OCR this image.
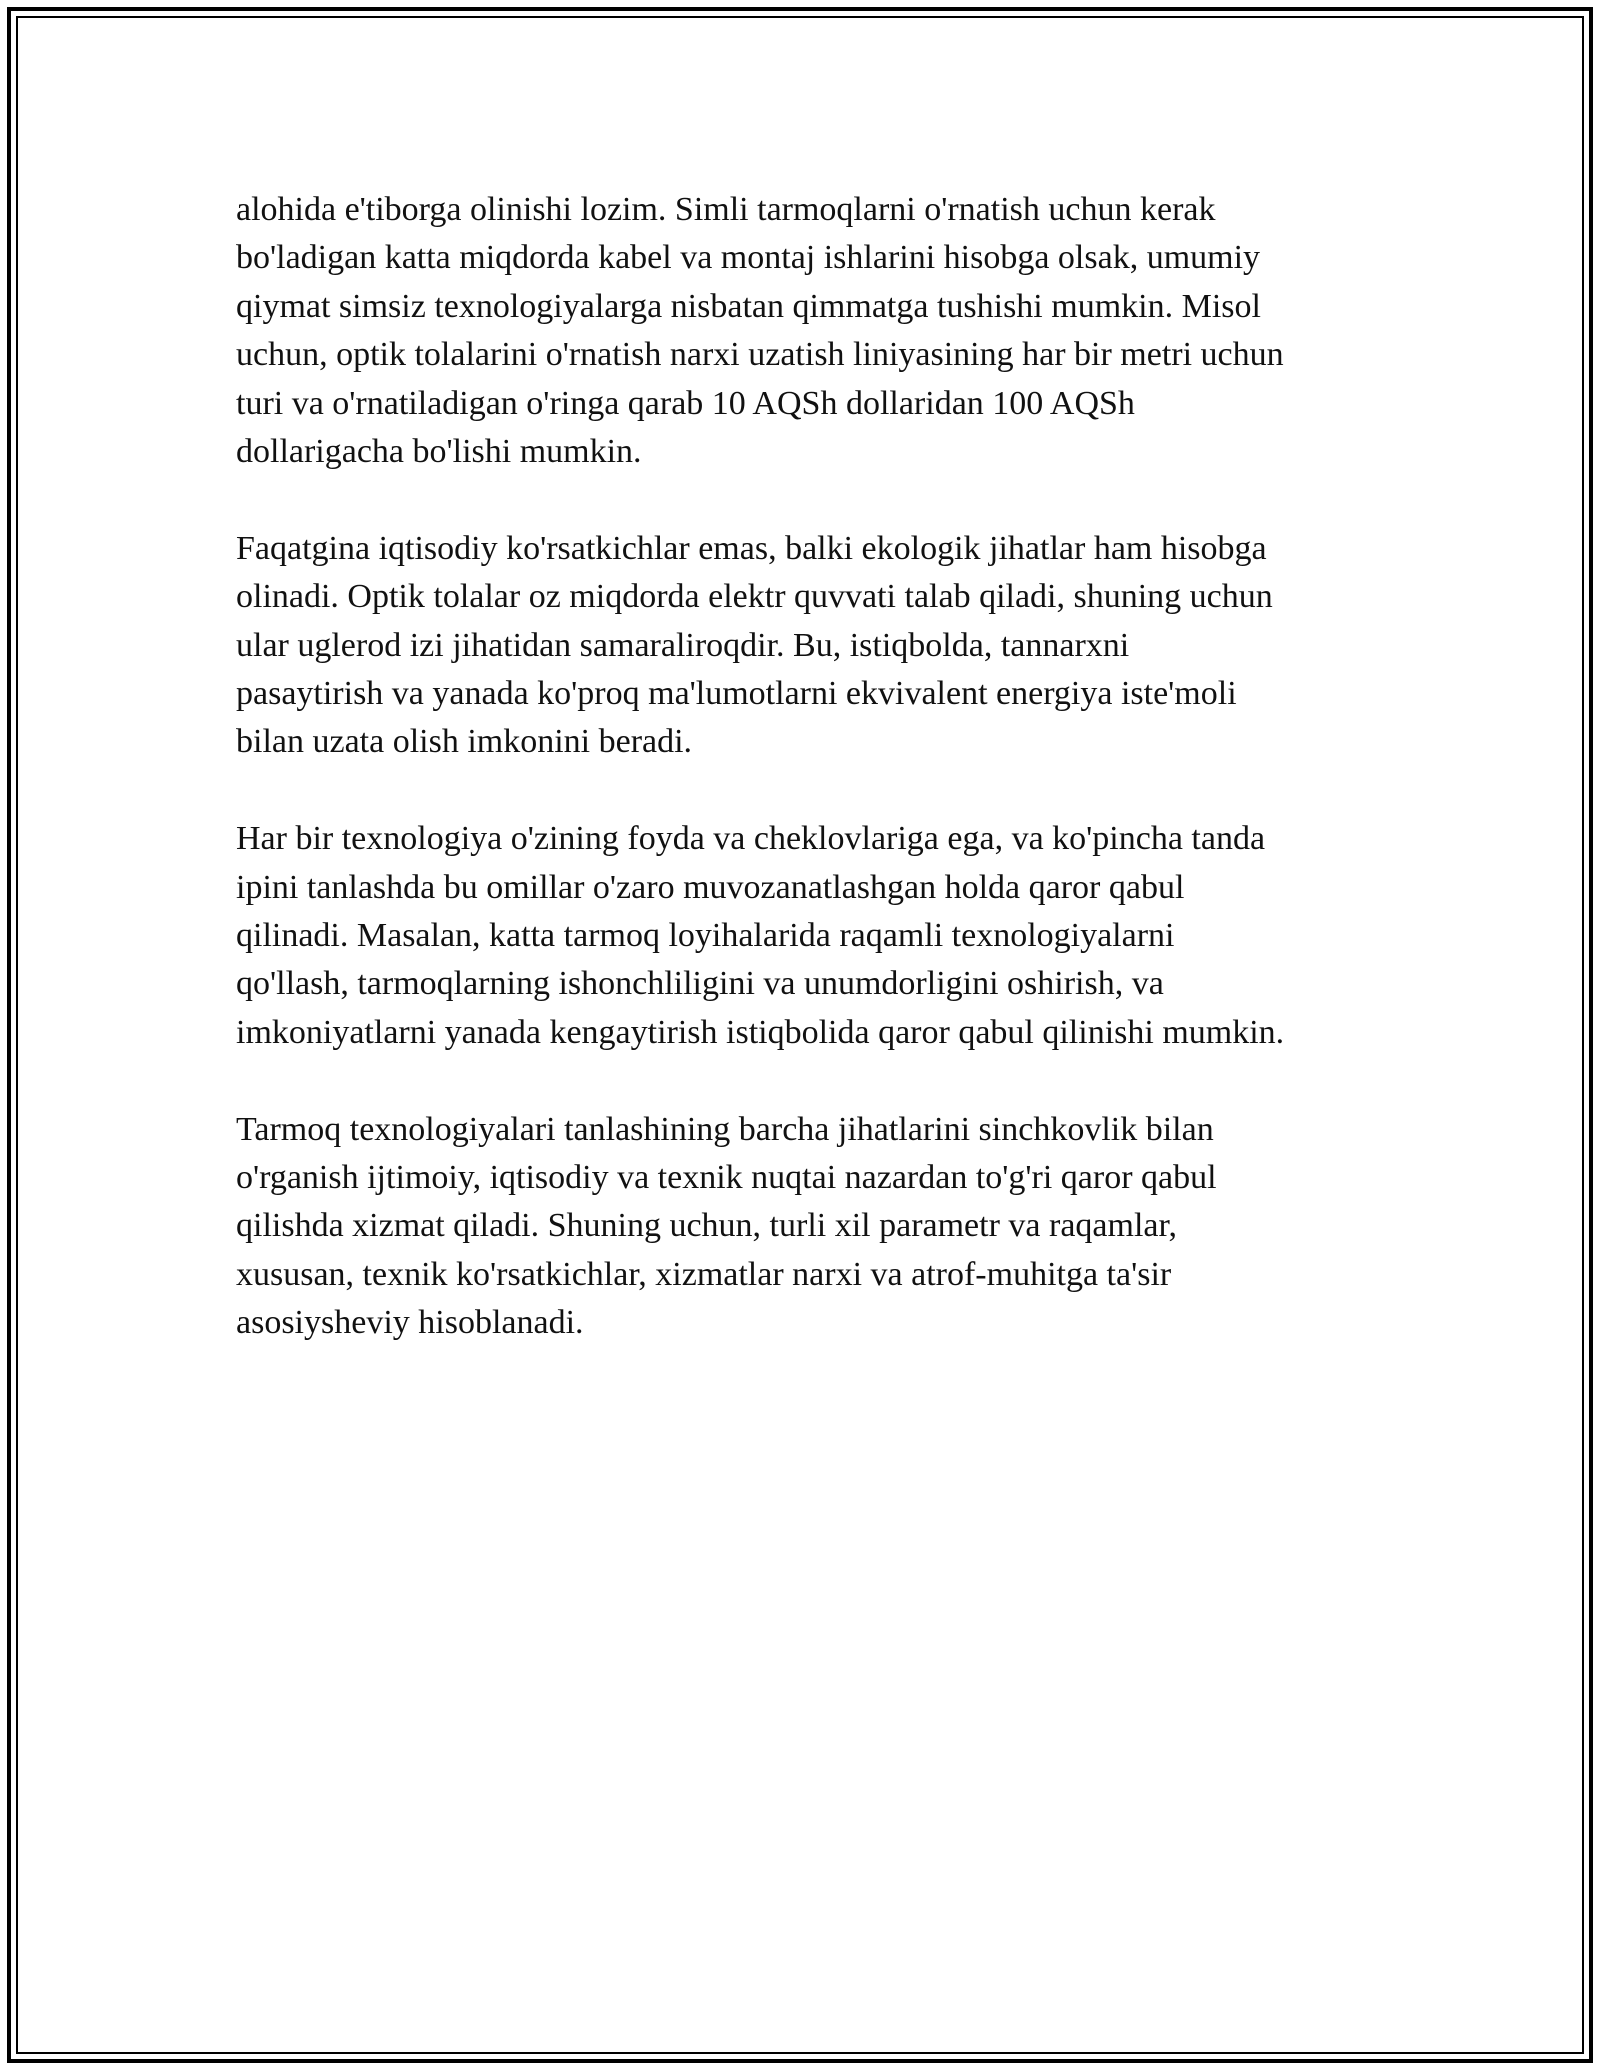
alohida e'tiborga olinishi lozim. Simli tarmoqlarni o'rnatish uchun kerak
bo'ladigan katta miqdorda kabel va montaj ishlarini hisobga olsak, umumiy
qiymat simsiz texnologiyalarga nisbatan qimmatga tushishi mumkin. Misol
uchun, optik tolalarini o'rnatish narxi uzatish liniyasining har bir metri uchun
turi va o'rnatiladigan o'ringa qarab 10 AQSh dollaridan 100 AQSh
dollarigacha bo'lishi mumkin.

Faqatgina iqtisodiy ko'rsatkichlar emas, balki ekologik jihatlar ham hisobga
olinadi. Optik tolalar oz miqdorda elektr quvvati talab qiladi, shuning uchun
ular uglerod izi jihatidan samaraliroqdir. Bu, istiqbolda, tannarxni
pasaytirish va yanada ko'proq ma'lumotlarni ekvivalent energiya iste'moli
bilan uzata olish imkonini beradi.

Har bir texnologiya o'zining foyda va cheklovlariga ega, va ko'pincha tanda
ipini tanlashda bu omillar o'zaro muvozanatlashgan holda qaror qabul
qilinadi. Masalan, katta tarmoq loyihalarida raqamli texnologiyalarni
qo'llash, tarmoqlarning ishonchliligini va unumdorligini oshirish, va
imkoniyatlarni yanada kengaytirish istiqbolida qaror qabul qilinishi mumkin.

Tarmoq texnologiyalari tanlashining barcha jihatlarini sinchkovlik bilan
o'rganish ijtimoiy, iqtisodiy va texnik nuqtai nazardan to'g'ri qaror qabul
qilishda xizmat qiladi. Shuning uchun, turli xil parametr va raqamlar,
xususan, texnik ko'rsatkichlar, xizmatlar narxi va atrof-muhitga ta'sir
asosiysheviy hisoblanadi.
